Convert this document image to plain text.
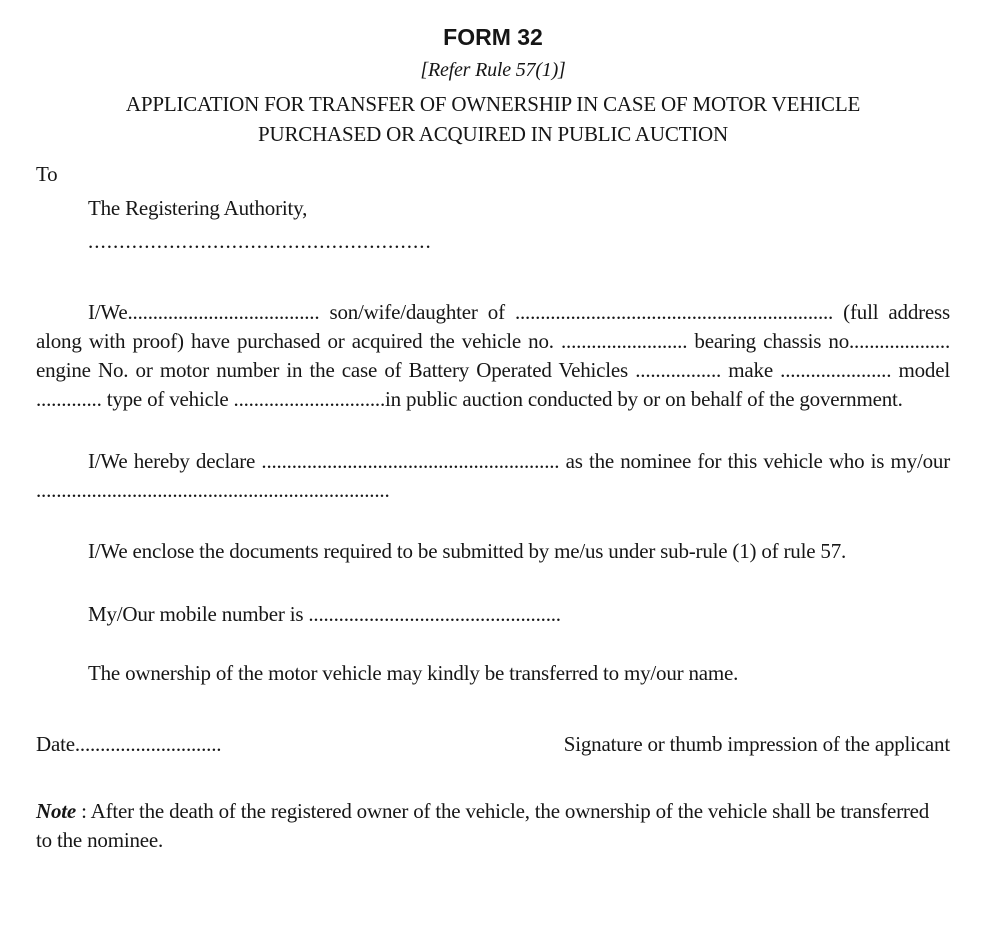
FORM 32
[Refer Rule 57(1)]
APPLICATION FOR TRANSFER OF OWNERSHIP IN CASE OF MOTOR VEHICLE
PURCHASED OR ACQUIRED IN PUBLIC AUCTION
To
The Registering Authority,
.......................................................

I/We...................................... son/wife/daughter of ............................................................... (full address along with proof) have purchased or acquired the vehicle no. ......................... bearing chassis no.................... engine No. or motor number in the case of Battery Operated Vehicles ................. make ...................... model ............. type of vehicle ..............................in public auction conducted by or on behalf of the government.

I/We hereby declare ........................................................... as the nominee for this vehicle who is my/our ......................................................................

I/We enclose the documents required to be submitted by me/us under sub-rule (1) of rule 57.

My/Our mobile number is ..................................................

The ownership of the motor vehicle may kindly be transferred to my/our name.

Date.............................	Signature or thumb impression of the applicant

Note : After the death of the registered owner of the vehicle, the ownership of the vehicle shall be transferred to the nominee.
